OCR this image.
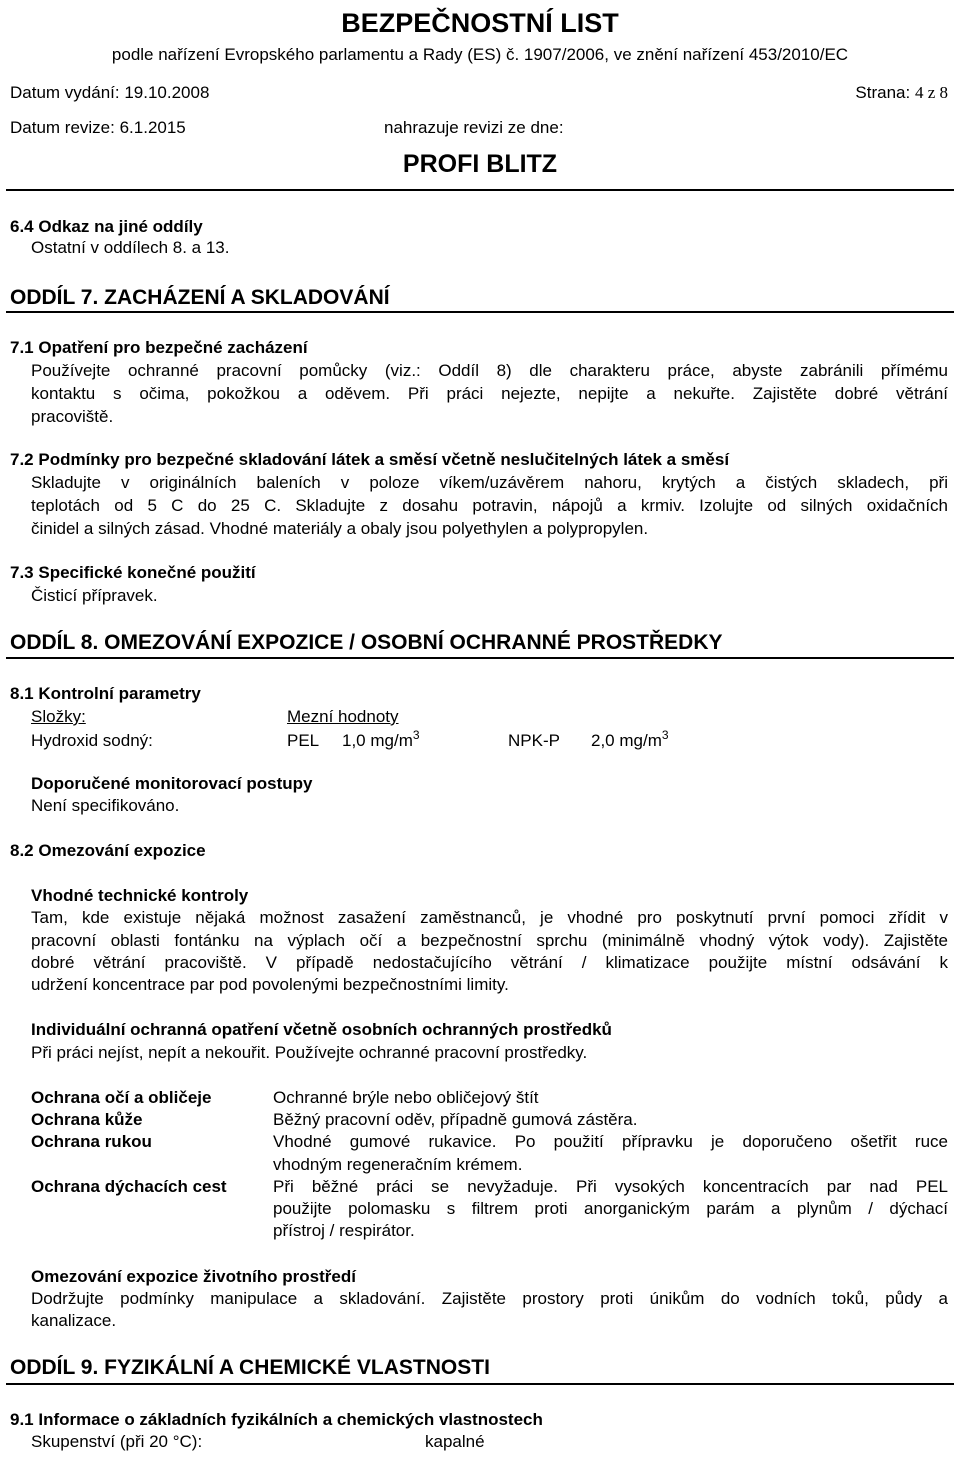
BEZPEČNOSTNÍ LIST
podle nařízení Evropského parlamentu a Rady (ES) č. 1907/2006, ve znění nařízení 453/2010/EC
Datum vydání: 19.10.2008	Strana: 4 z 8
Datum revize: 6.1.2015	nahrazuje revizi ze dne:
PROFI BLITZ
6.4 Odkaz na jiné oddíly
Ostatní v oddílech 8. a 13.
ODDÍL 7. ZACHÁZENÍ A SKLADOVÁNÍ
7.1 Opatření pro bezpečné zacházení
Používejte ochranné pracovní pomůcky (viz.: Oddíl 8) dle charakteru práce, abyste zabránili přímému
kontaktu s očima, pokožkou a oděvem. Při práci nejezte, nepijte a nekuřte. Zajistěte dobré větrání
pracoviště.
7.2 Podmínky pro bezpečné skladování látek a směsí včetně neslučitelných látek a směsí
Skladujte v originálních baleních v poloze víkem/uzávěrem nahoru, krytých a čistých skladech, při
teplotách od 5 C do 25 C. Skladujte z dosahu potravin, nápojů a krmiv. Izolujte od silných oxidačních
činidel a silných zásad. Vhodné materiály a obaly jsou polyethylen a polypropylen.
7.3 Specifické konečné použití
Čisticí přípravek.
ODDÍL 8. OMEZOVÁNÍ EXPOZICE / OSOBNÍ OCHRANNÉ PROSTŘEDKY
8.1 Kontrolní parametry
Složky:	Mezní hodnoty
Hydroxid sodný:	PEL 1,0 $mg/m^3$	NPK-P 2,0 $mg/m^3$
Doporučené monitorovací postupy
Není specifikováno.
8.2 Omezování expozice
Vhodné technické kontroly
Tam, kde existuje nějaká možnost zasažení zaměstnanců, je vhodné pro poskytnutí první pomoci zřídit v
pracovní oblasti fontánku na výplach očí a bezpečnostní sprchu (minimálně vhodný výtok vody). Zajistěte
dobré větrání pracoviště. V případě nedostačujícího větrání / klimatizace použijte místní odsávání k
udržení koncentrace par pod povolenými bezpečnostními limity.
Individuální ochranná opatření včetně osobních ochranných prostředků
Při práci nejíst, nepít a nekouřit. Používejte ochranné pracovní prostředky.
Ochrana očí a obličeje	Ochranné brýle nebo obličejový štít
Ochrana kůže	Běžný pracovní oděv, případně gumová zástěra.
Ochrana rukou	Vhodné gumové rukavice. Po použití přípravku je doporučeno ošetřit ruce
vhodným regeneračním krémem.
Ochrana dýchacích cest	Při běžné práci se nevyžaduje. Při vysokých koncentracích par nad PEL
použijte polomasku s filtrem proti anorganickým parám a plynům / dýchací
přístroj / respirátor.
Omezování expozice životního prostředí
Dodržujte podmínky manipulace a skladování. Zajistěte prostory proti únikům do vodních toků, půdy a
kanalizace.
ODDÍL 9. FYZIKÁLNÍ A CHEMICKÉ VLASTNOSTI
9.1 Informace o základních fyzikálních a chemických vlastnostech
Skupenství (při 20 °C):	kapalné
